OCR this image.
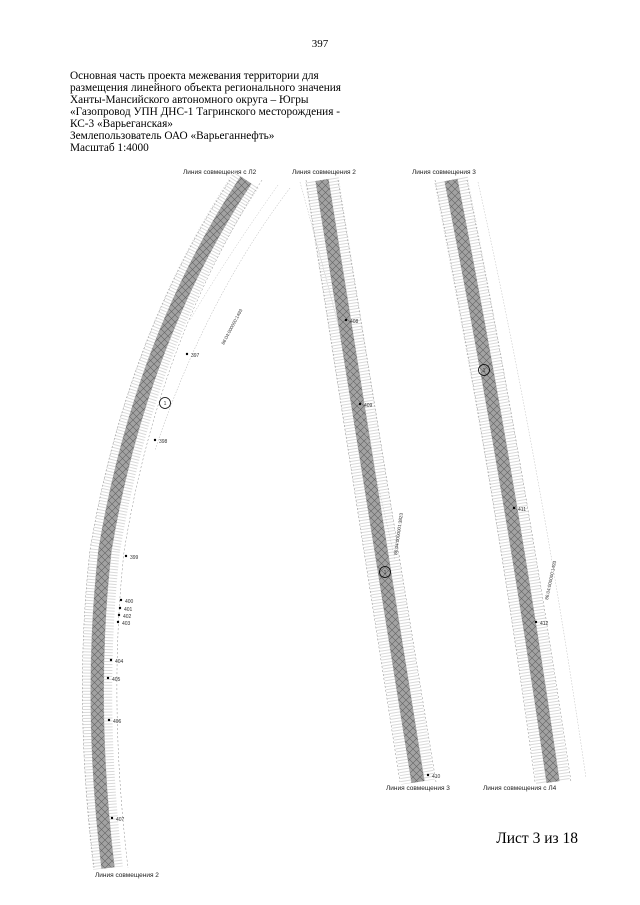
397
Основная часть проекта межевания территории для
размещения линейного объекта регионального значения
Ханты-Мансийского автономного округа – Югры
«Газопровод УПН ДНС-1 Тагринского месторождения -
КС-3 «Варьеганская»
Землепользователь ОАО «Варьеганнефть»
Масштаб 1:4000
Линия совмещения с Л2	Линия совмещения 2	Линия совмещения 3
Линия совмещения 3	Линия совмещения с Л4
Линия совмещения 2
1
1
1
86:04:000000:1493
86:04:0000001:3823
86:04:000000:1493
397
398
399
400
401
402
403
404
405
406
407
408
409
410
411
412
Лист 3 из 18
